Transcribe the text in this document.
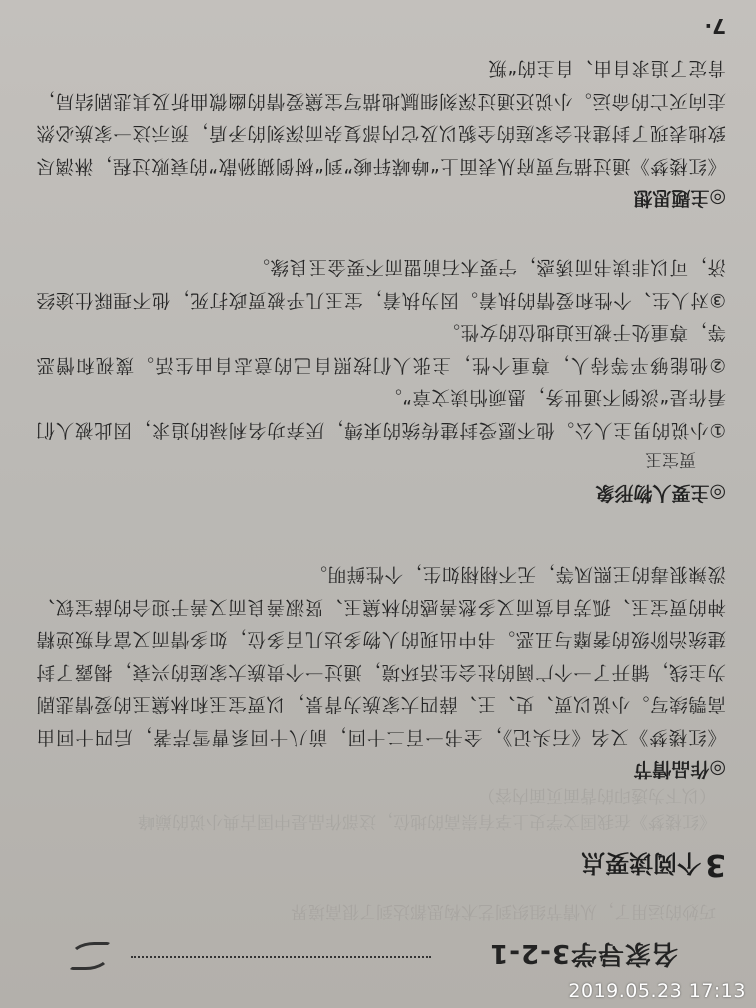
名家导学3-2-1
巧妙的运用了，从情节组织到艺术构思都达到了很高境界
《红楼梦》在我国文学史上享有崇高的地位，这部作品是中国古典小说的巅峰
（以下为透印的背面页面内容）
3个阅读要点
◎作品情节

《红楼梦》又名《石头记》，全书一百二十回，前八十回系曹雪芹著，后四十回由高鹗续写。小说以贾、史、王、薛四大家族为背景，以贾宝玉和林黛玉的爱情悲剧为主线，铺开了一个广阔的社会生活环境，通过一个贵族大家庭的兴衰，揭露了封建统治阶级的奢靡与丑恶。书中出现的人物多达几百多位，如多情而又富有叛逆精神的贾宝玉、孤芳自赏而又多愁善感的林黛玉、贤淑善良而又善于迎合的薛宝钗、泼辣狠毒的王熙凤等，无不栩栩如生，个性鲜明。

◎主要人物形象
贾宝玉

①小说的男主人公。他不愿受封建传统的束缚，厌弃功名利禄的追求，因此被人们看作是“淡倒不通世务，愚顽怕读文章”。

②他能够平等待人，尊重个性，主张人们按照自己的意志自由生活。蔑视和憎恶等，尊重处于被压迫地位的女性。

③对人生、个性和爱情的执着。因为执着，宝玉几乎被贾政打死，他不理睬仕途经济，可以非读书而诱惑，宁要木石前盟而不要金玉良缘。

◎主题思想

《红楼梦》通过描写贾府从表面上“峥嵘轩峻”到“树倒猢狲散”的衰败过程，淋漓尽致地表现了封建社会家庭的全貌以及它内部复杂而深刻的矛盾，预示这一家族必然走向灭亡的命运。小说还通过深刻细腻地描写宝黛爱情的幽微曲折及其悲剧结局，肯定了追求自由、自主的“叛

7·
2019.05.23 17:13
